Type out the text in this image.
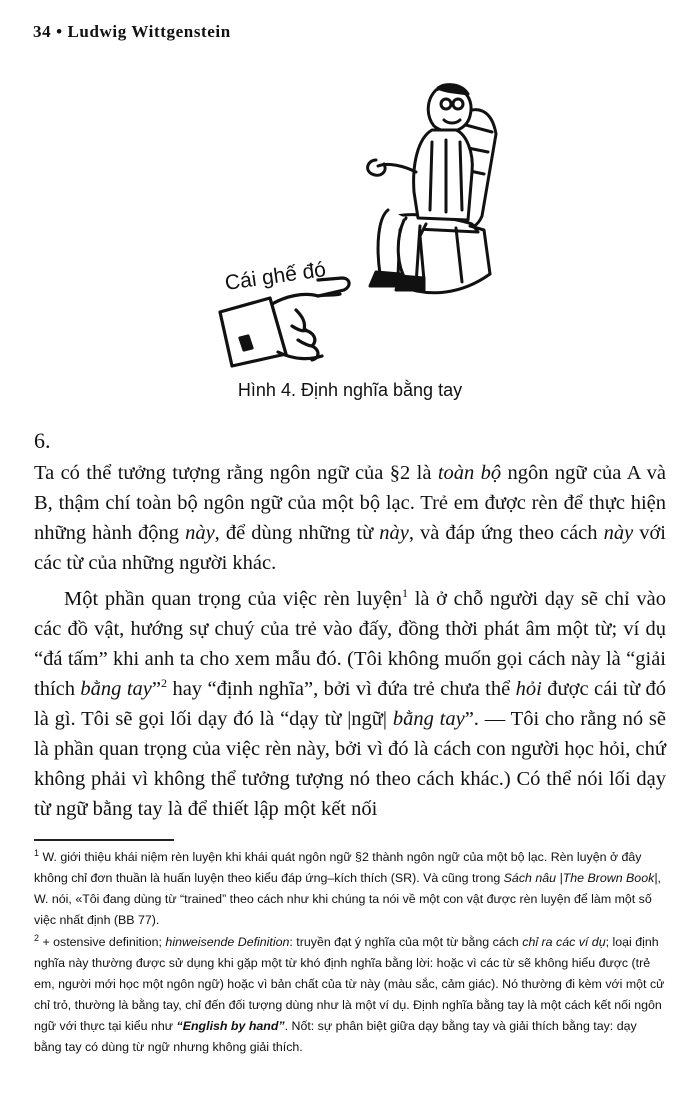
34 • Ludwig Wittgenstein
Cái ghế đó
Hình 4. Định nghĩa bằng tay
6.

Ta có thể tưởng tượng rằng ngôn ngữ của §2 là toàn bộ ngôn ngữ của A và B, thậm chí toàn bộ ngôn ngữ của một bộ lạc. Trẻ em được rèn để thực hiện những hành động này, để dùng những từ này, và đáp ứng theo cách này với các từ của những người khác.

Một phần quan trọng của việc rèn luyện$^1$ là ở chỗ người dạy sẽ chỉ vào các đồ vật, hướng sự chuý của trẻ vào đấy, đồng thời phát âm một từ; ví dụ “đá tấm” khi anh ta cho xem mẫu đó. (Tôi không muốn gọi cách này là “giải thích bằng tay”$^2$ hay “định nghĩa”, bởi vì đứa trẻ chưa thể hỏi được cái từ đó là gì. Tôi sẽ gọi lối dạy đó là “dạy từ |ngữ| bằng tay”. — Tôi cho rằng nó sẽ là phần quan trọng của việc rèn này, bởi vì đó là cách con người học hỏi, chứ không phải vì không thể tưởng tượng nó theo cách khác.) Có thể nói lối dạy từ ngữ bằng tay là để thiết lập một kết nối

$^1$ W. giới thiệu khái niệm rèn luyện khi khái quát ngôn ngữ §2 thành ngôn ngữ của một bộ lạc. Rèn luyện ở đây không chỉ đơn thuần là huấn luyện theo kiểu đáp ứng–kích thích (SR). Và cũng trong Sách nâu |The Brown Book|, W. nói, «Tôi đang dùng từ “trained” theo cách như khi chúng ta nói về một con vật được rèn luyện để làm một số việc nhất định (BB 77).

$^2$ + ostensive definition; hinweisende Definition: truyền đạt ý nghĩa của một từ bằng cách chỉ ra các ví dụ; loại định nghĩa này thường được sử dụng khi gặp một từ khó định nghĩa bằng lời: hoặc vì các từ sẽ không hiểu được (trẻ em, người mới học một ngôn ngữ) hoặc vì bản chất của từ này (màu sắc, cảm giác). Nó thường đi kèm với một cử chỉ trỏ, thường là bằng tay, chỉ đến đối tượng dùng như là một ví dụ. Định nghĩa bằng tay là một cách kết nối ngôn ngữ với thực tại kiểu như “English by hand”. Nốt: sự phân biệt giữa dạy bằng tay và giải thích bằng tay: dạy bằng tay có dùng từ ngữ nhưng không giải thích.
